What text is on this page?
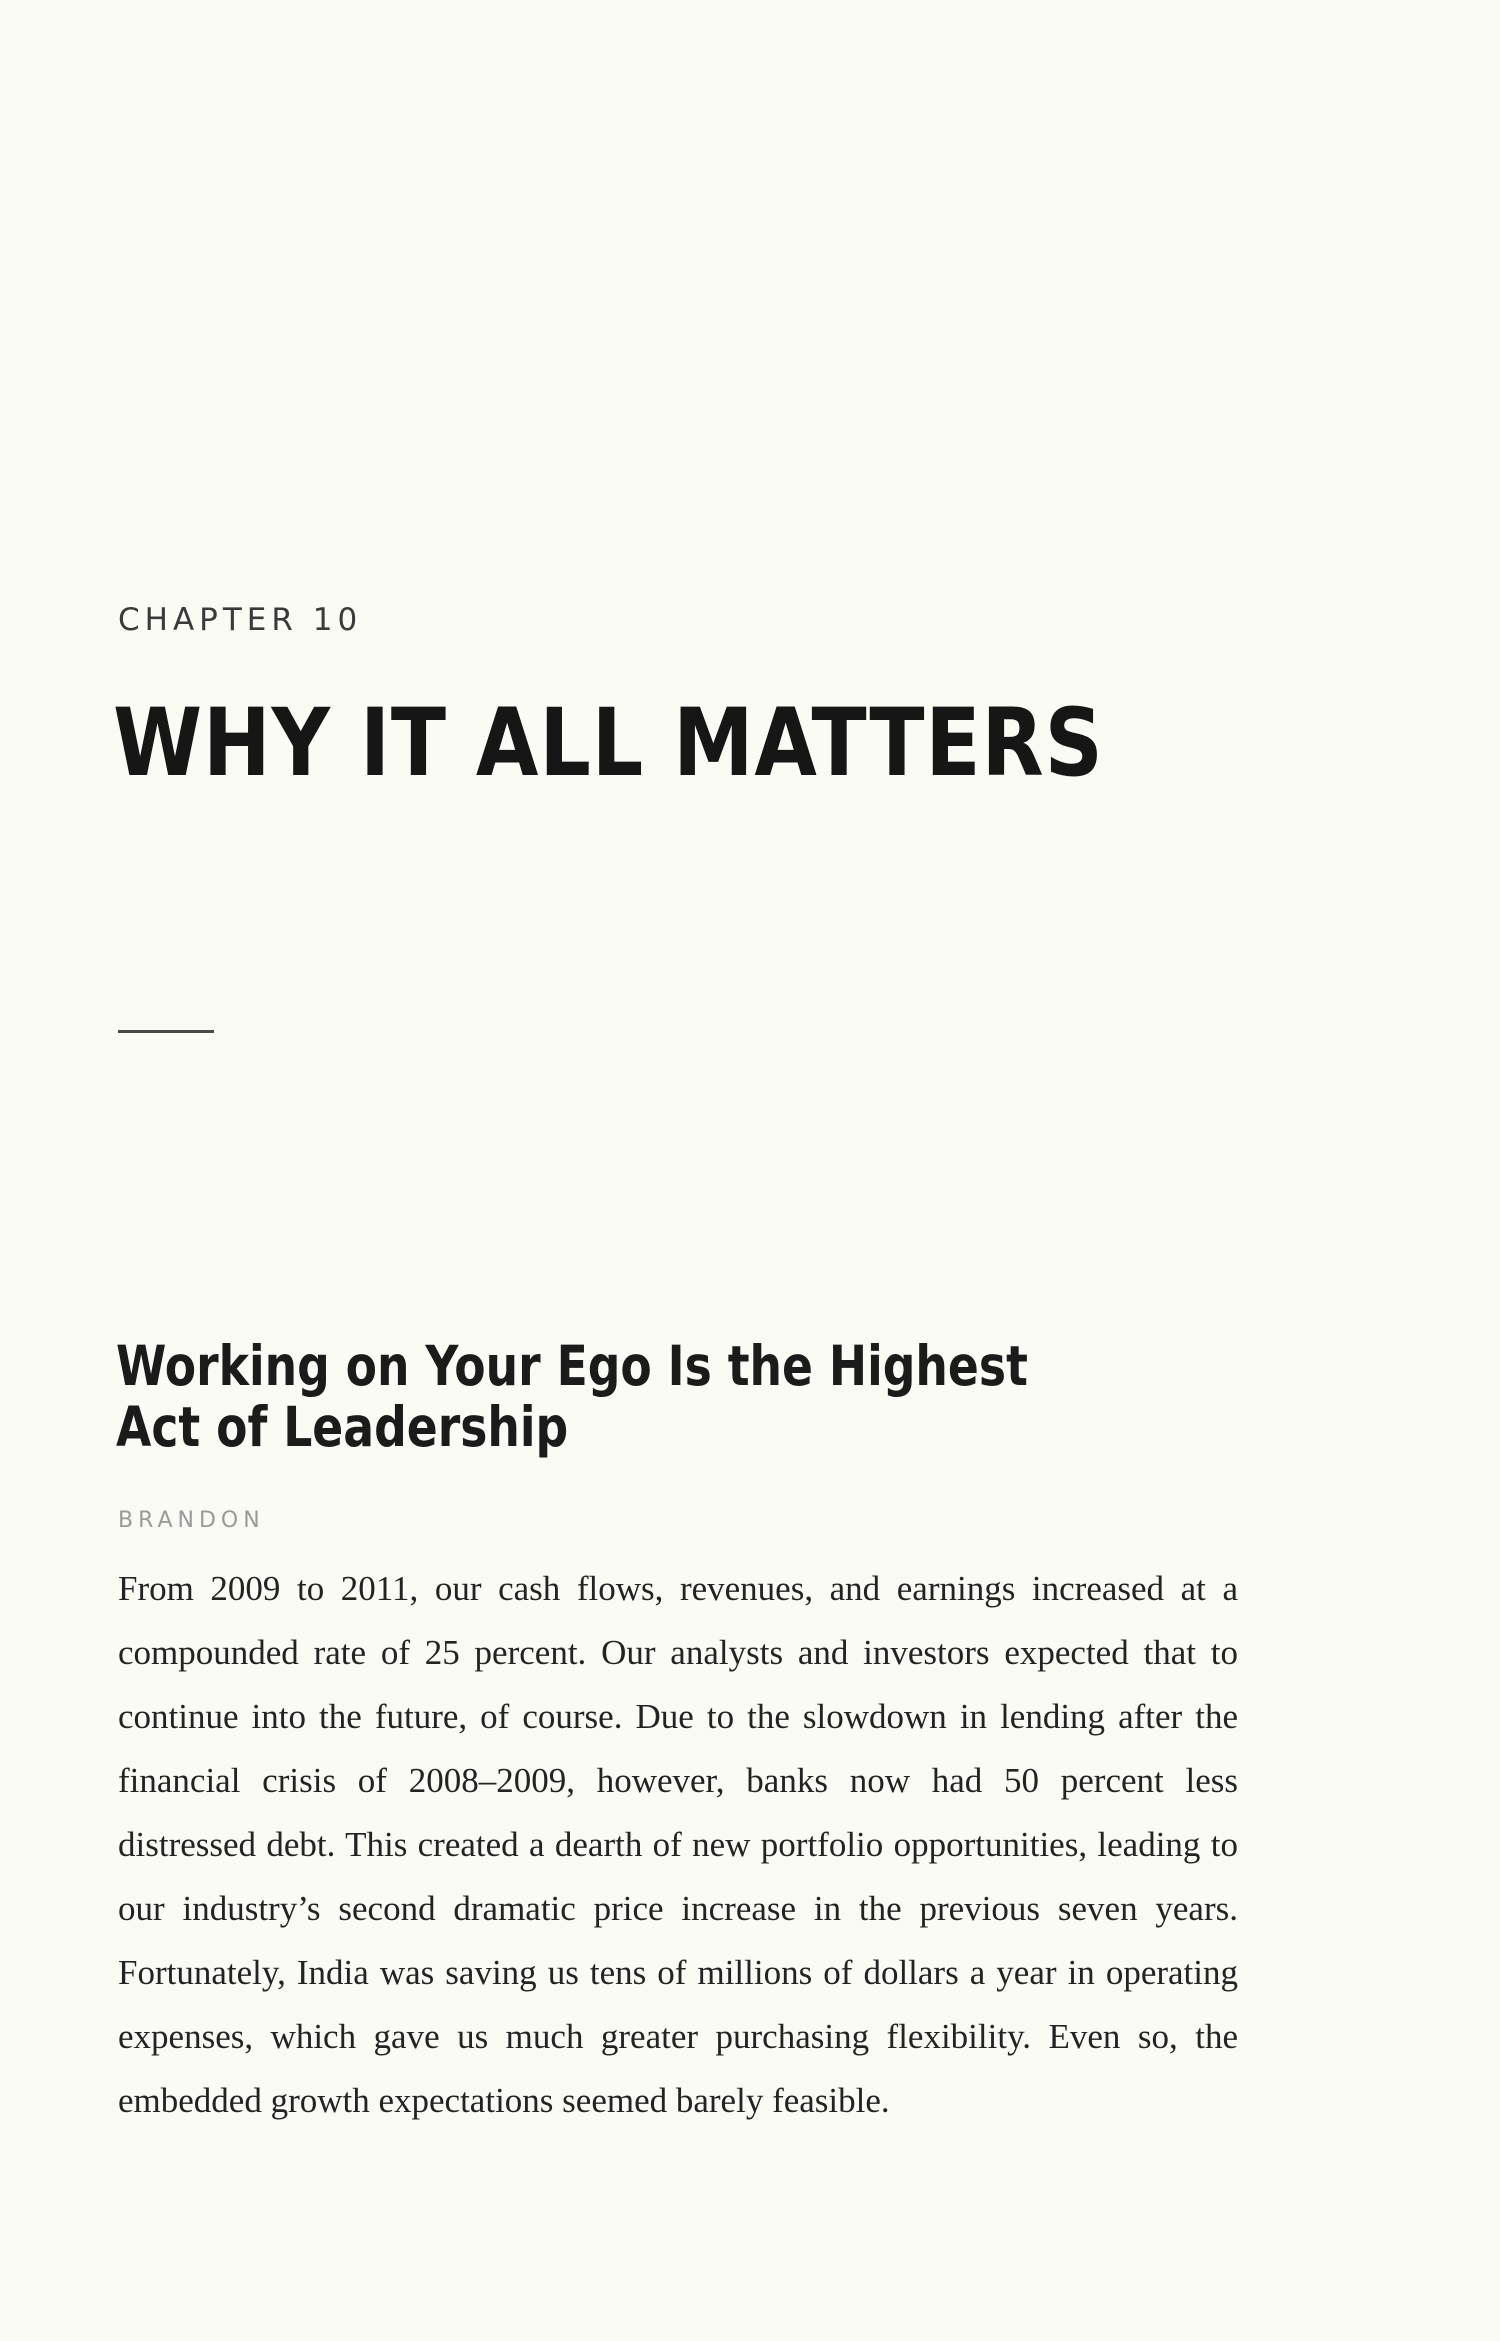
CHAPTER 10
WHY IT ALL MATTERS
Working on Your Ego Is the Highest Act of Leadership
BRANDON

From 2009 to 2011, our cash flows, revenues, and earnings increased at a compounded rate of 25 percent. Our analysts and investors expected that to continue into the future, of course. Due to the slowdown in lending after the financial crisis of 2008–2009, however, banks now had 50 percent less distressed debt. This created a dearth of new portfolio opportunities, leading to our industry’s second dramatic price increase in the previous seven years. Fortunately, India was saving us tens of millions of dollars a year in operating expenses, which gave us much greater purchasing flexibility. Even so, the embedded growth expectations seemed barely feasible.
